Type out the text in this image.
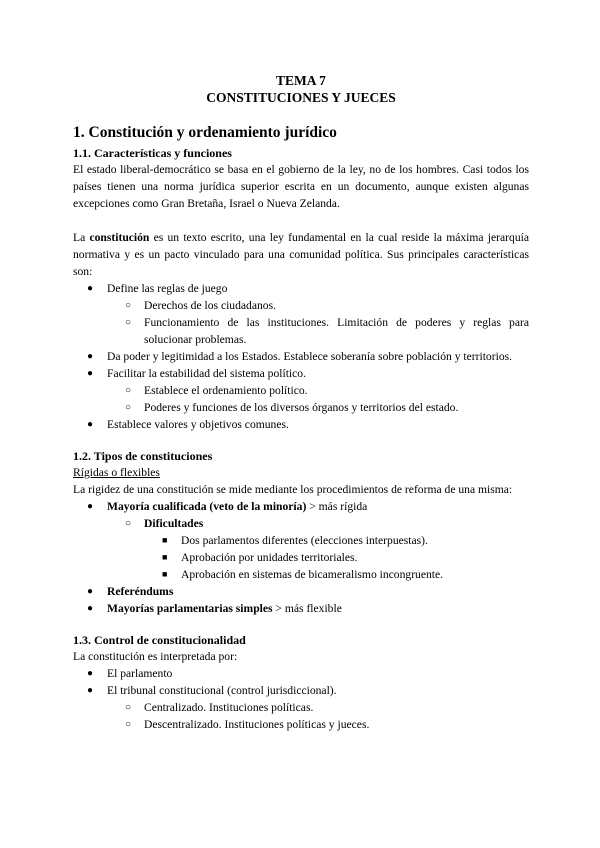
TEMA 7
CONSTITUCIONES Y JUECES
1. Constitución y ordenamiento jurídico
1.1. Características y funciones

El estado liberal-democrático se basa en el gobierno de la ley, no de los hombres. Casi todos los países tienen una norma jurídica superior escrita en un documento, aunque existen algunas excepciones como Gran Bretaña, Israel o Nueva Zelanda.

La constitución es un texto escrito, una ley fundamental en la cual reside la máxima jerarquía normativa y es un pacto vinculado para una comunidad política. Sus principales características son:

● Define las reglas de juego
○ Derechos de los ciudadanos.
○ Funcionamiento de las instituciones. Limitación de poderes y reglas para solucionar problemas.
● Da poder y legitimidad a los Estados. Establece soberanía sobre población y territorios.
● Facilitar la estabilidad del sistema político.
○ Establece el ordenamiento político.
○ Poderes y funciones de los diversos órganos y territorios del estado.
● Establece valores y objetivos comunes.
1.2. Tipos de constituciones
Rígidas o flexibles

La rigidez de una constitución se mide mediante los procedimientos de reforma de una misma:

● Mayoría cualificada (veto de la minoría) > más rígida
○ Dificultades
■ Dos parlamentos diferentes (elecciones interpuestas).
■ Aprobación por unidades territoriales.
■ Aprobación en sistemas de bicameralismo incongruente.
● Referéndums
● Mayorías parlamentarias simples > más flexible
1.3. Control de constitucionalidad

La constitución es interpretada por:

● El parlamento
● El tribunal constitucional (control jurisdiccional).
○ Centralizado. Instituciones políticas.
○ Descentralizado. Instituciones políticas y jueces.
